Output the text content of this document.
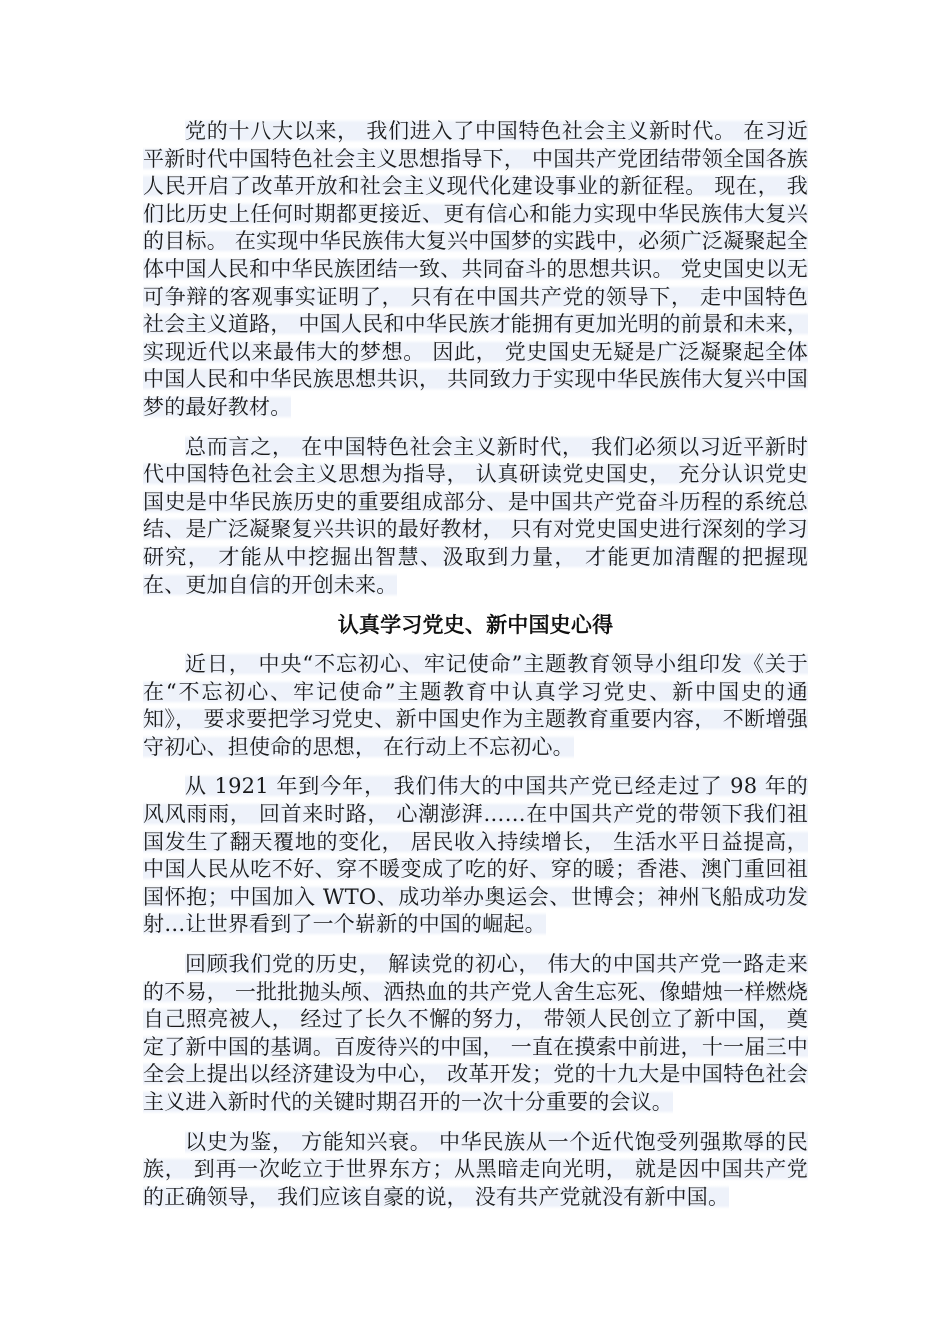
党的十八大以来， 我们进入了中国特色社会主义新时代。 在习近平新时代中国特色社会主义思想指导下， 中国共产党团结带领全国各族人民开启了改革开放和社会主义现代化建设事业的新征程。 现在， 我们比历史上任何时期都更接近、更有信心和能力实现中华民族伟大复兴的目标。 在实现中华民族伟大复兴中国梦的实践中，必须广泛凝聚起全体中国人民和中华民族团结一致、共同奋斗的思想共识。 党史国史以无可争辩的客观事实证明了， 只有在中国共产党的领导下， 走中国特色社会主义道路， 中国人民和中华民族才能拥有更加光明的前景和未来， 实现近代以来最伟大的梦想。 因此， 党史国史无疑是广泛凝聚起全体中国人民和中华民族思想共识， 共同致力于实现中华民族伟大复兴中国梦的最好教材。

总而言之， 在中国特色社会主义新时代， 我们必须以习近平新时代中国特色社会主义思想为指导， 认真研读党史国史， 充分认识党史国史是中华民族历史的重要组成部分、是中国共产党奋斗历程的系统总结、是广泛凝聚复兴共识的最好教材， 只有对党史国史进行深刻的学习研究， 才能从中挖掘出智慧、汲取到力量， 才能更加清醒的把握现在、更加自信的开创未来。

认真学习党史、新中国史心得

近日， 中央“不忘初心、牢记使命”主题教育领导小组印发《关于在“不忘初心、牢记使命”主题教育中认真学习党史、新中国史的通知》， 要求要把学习党史、新中国史作为主题教育重要内容， 不断增强守初心、担使命的思想， 在行动上不忘初心。

从 1921 年到今年， 我们伟大的中国共产党已经走过了 98 年的风风雨雨， 回首来时路， 心潮澎湃……在中国共产党的带领下我们祖国发生了翻天覆地的变化， 居民收入持续增长， 生活水平日益提高， 中国人民从吃不好、穿不暖变成了吃的好、穿的暖；香港、澳门重回祖国怀抱；中国加入 WTO、成功举办奥运会、世博会；神州飞船成功发射…让世界看到了一个崭新的中国的崛起。

回顾我们党的历史， 解读党的初心， 伟大的中国共产党一路走来的不易， 一批批抛头颅、洒热血的共产党人舍生忘死、像蜡烛一样燃烧自己照亮被人， 经过了长久不懈的努力， 带领人民创立了新中国， 奠定了新中国的基调。百废待兴的中国， 一直在摸索中前进，十一届三中全会上提出以经济建设为中心， 改革开发；党的十九大是中国特色社会主义进入新时代的关键时期召开的一次十分重要的会议。

以史为鉴， 方能知兴衰。 中华民族从一个近代饱受列强欺辱的民族， 到再一次屹立于世界东方；从黑暗走向光明， 就是因中国共产党的正确领导， 我们应该自豪的说， 没有共产党就没有新中国。
